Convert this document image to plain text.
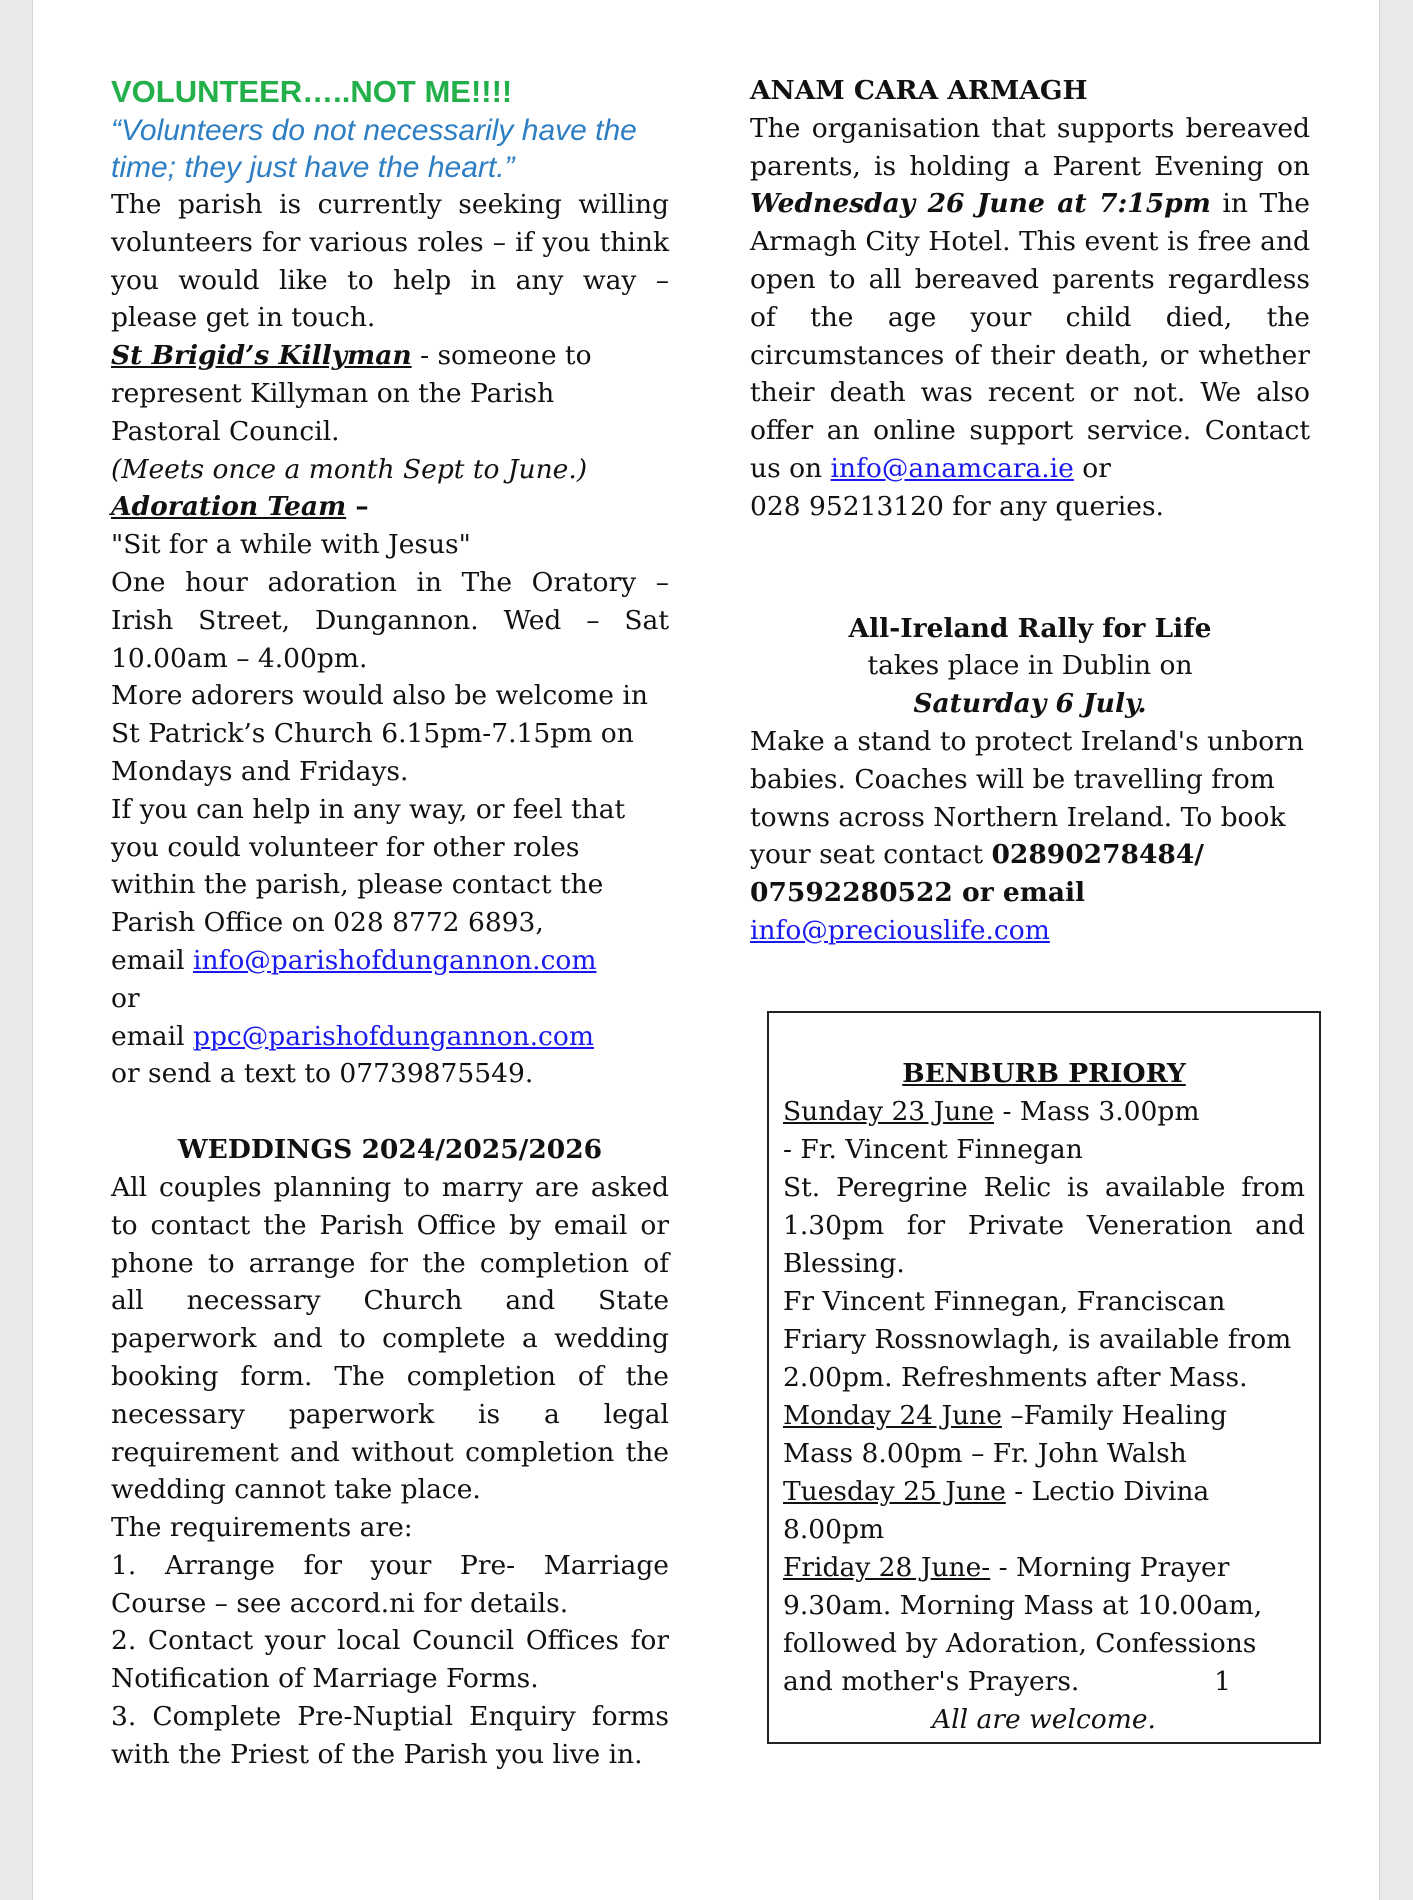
VOLUNTEER…..NOT ME!!!!

“Volunteers do not necessarily have the time; they just have the heart.”

The parish is currently seeking willing volunteers for various roles – if you think you would like to help in any way – please get in touch.

St Brigid’s Killyman - someone to represent Killyman on the Parish Pastoral Council.

(Meets once a month Sept to June.)

Adoration Team –

"Sit for a while with Jesus"

One hour adoration in The Oratory – Irish Street, Dungannon. Wed – Sat 10.00am – 4.00pm.

More adorers would also be welcome in St Patrick’s Church 6.15pm-7.15pm on Mondays and Fridays.

If you can help in any way, or feel that you could volunteer for other roles within the parish, please contact the Parish Office on 028 8772 6893,

email info@parishofdungannon.com

or

email ppc@parishofdungannon.com

or send a text to 07739875549.

WEDDINGS 2024/2025/2026

All couples planning to marry are asked to contact the Parish Office by email or phone to arrange for the completion of all necessary Church and State paperwork and to complete a wedding booking form. The completion of the necessary paperwork is a legal requirement and without completion the wedding cannot take place.

The requirements are:

1. Arrange for your Pre- Marriage Course – see accord.ni for details.

2. Contact your local Council Offices for Notification of Marriage Forms.

3. Complete Pre-Nuptial Enquiry forms with the Priest of the Parish you live in.

ANAM CARA ARMAGH

The organisation that supports bereaved parents, is holding a Parent Evening on Wednesday 26 June at 7:15pm in The Armagh City Hotel. This event is free and open to all bereaved parents regardless of the age your child died, the circumstances of their death, or whether their death was recent or not. We also offer an online support service. Contact us on info@anamcara.ie or

028 95213120 for any queries.

All-Ireland Rally for Life

takes place in Dublin on

Saturday 6 July.

Make a stand to protect Ireland's unborn babies. Coaches will be travelling from towns across Northern Ireland. To book your seat contact 02890278484/ 07592280522 or email

info@preciouslife.com

BENBURB PRIORY

Sunday 23 June - Mass 3.00pm

- Fr. Vincent Finnegan

St. Peregrine Relic is available from 1.30pm for Private Veneration and Blessing.

Fr Vincent Finnegan, Franciscan Friary Rossnowlagh, is available from 2.00pm. Refreshments after Mass.

Monday 24 June –Family Healing Mass 8.00pm – Fr. John Walsh

Tuesday 25 June - Lectio Divina 8.00pm

Friday 28 June- - Morning Prayer 9.30am. Morning Mass at 10.00am, followed by Adoration, Confessions and mother's Prayers.	1

All are welcome.
